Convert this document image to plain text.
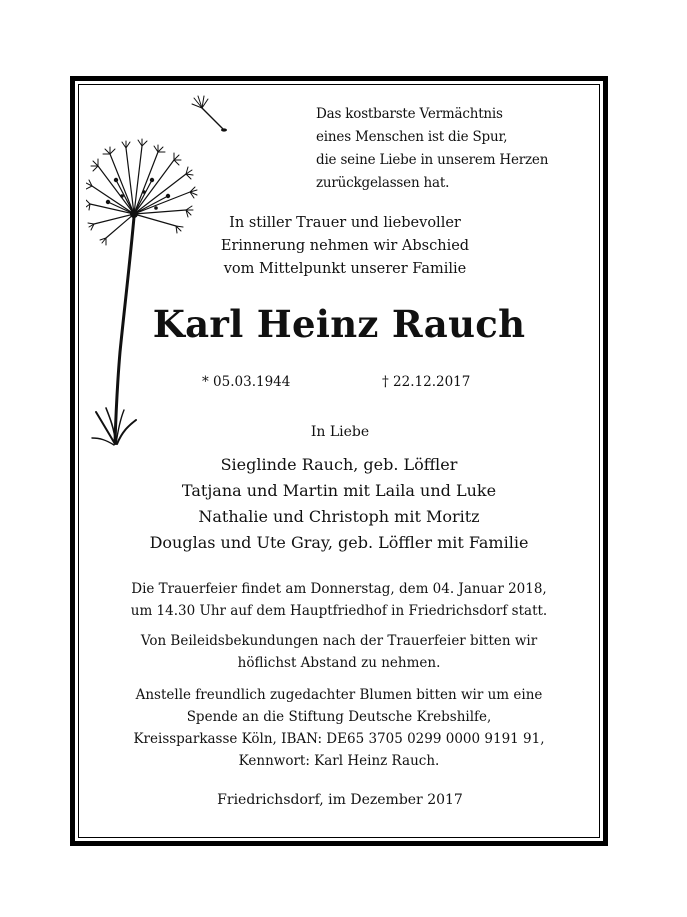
Das kostbarste Vermächtnis
eines Menschen ist die Spur,
die seine Liebe in unserem Herzen
zurückgelassen hat.
In stiller Trauer und liebevoller
Erinnerung nehmen wir Abschied
vom Mittelpunkt unserer Familie
Karl Heinz Rauch
* 05.03.1944	† 22.12.2017
In Liebe
Sieglinde Rauch, geb. Löffler
Tatjana und Martin mit Laila und Luke
Nathalie und Christoph mit Moritz
Douglas und Ute Gray, geb. Löffler mit Familie
Die Trauerfeier findet am Donnerstag, dem 04. Januar 2018,
um 14.30 Uhr auf dem Hauptfriedhof in Friedrichsdorf statt.
Von Beileidsbekundungen nach der Trauerfeier bitten wir
höflichst Abstand zu nehmen.
Anstelle freundlich zugedachter Blumen bitten wir um eine
Spende an die Stiftung Deutsche Krebshilfe,
Kreissparkasse Köln, IBAN: DE65 3705 0299 0000 9191 91,
Kennwort: Karl Heinz Rauch.
Friedrichsdorf, im Dezember 2017
